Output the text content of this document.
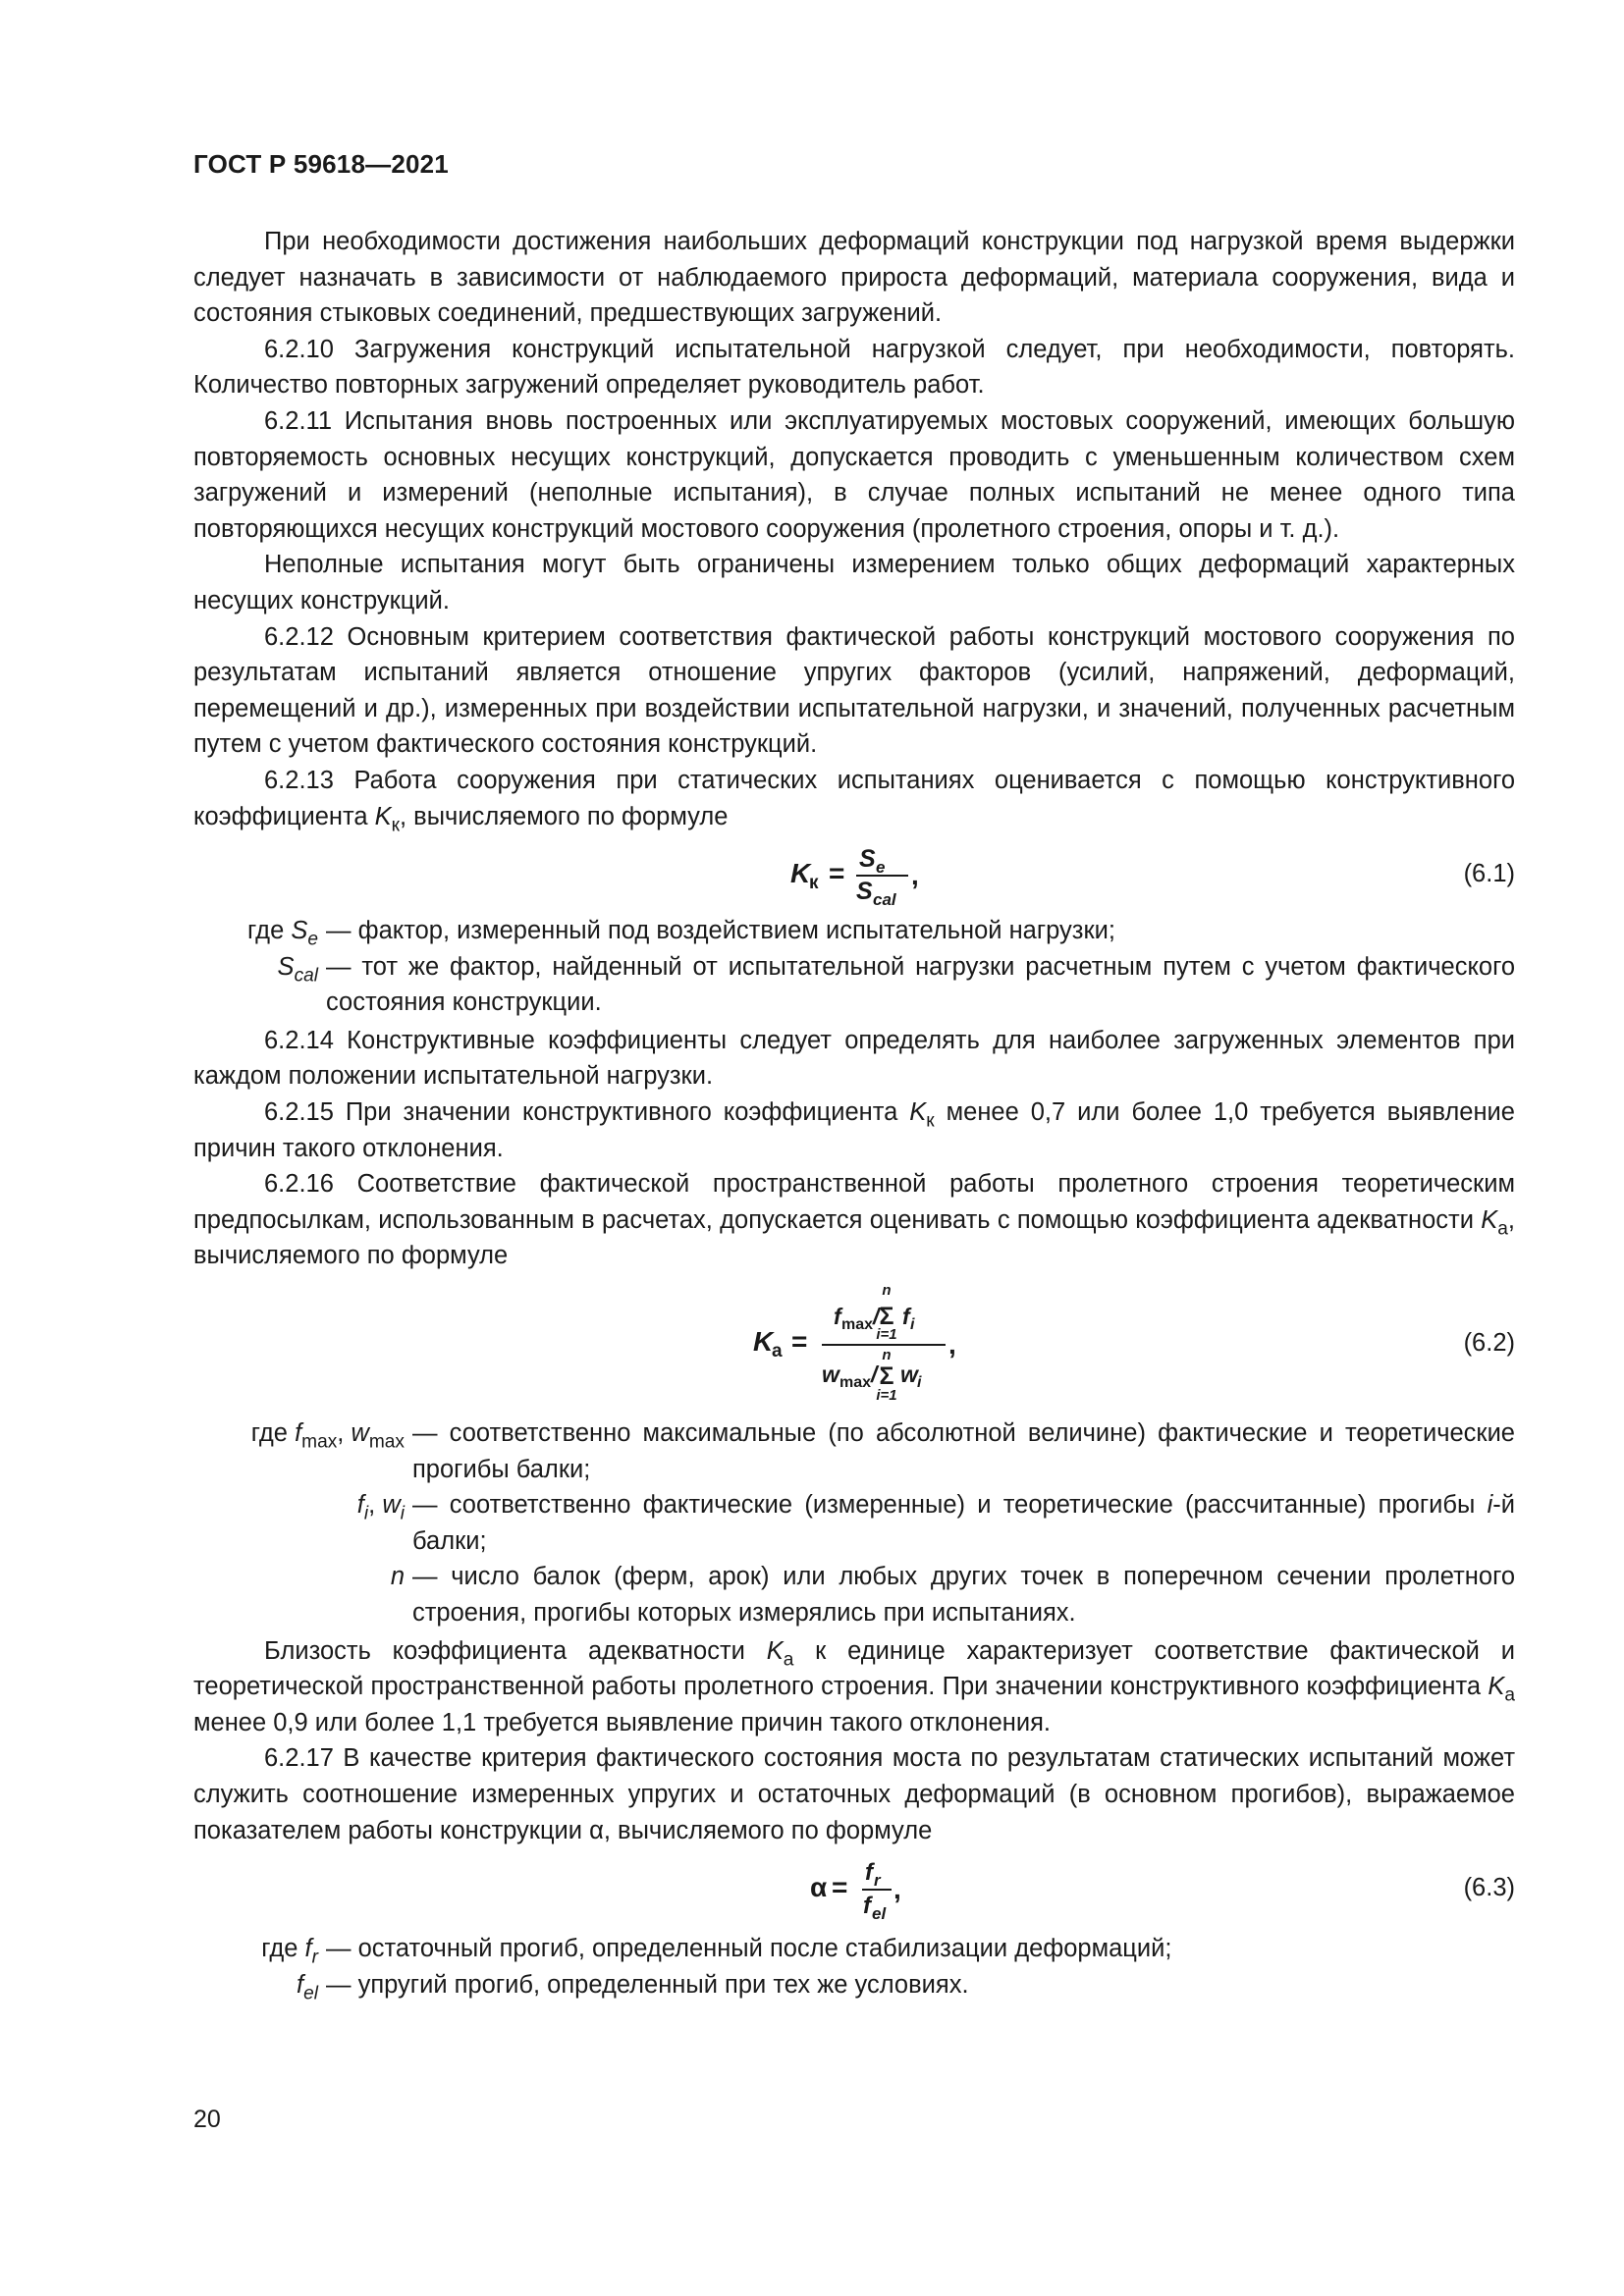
ГОСТ Р 59618—2021

При необходимости достижения наибольших деформаций конструкции под нагрузкой время выдержки следует назначать в зависимости от наблюдаемого прироста деформаций, материала сооружения, вида и состояния стыковых соединений, предшествующих загружений.

6.2.10 Загружения конструкций испытательной нагрузкой следует, при необходимости, повторять. Количество повторных загружений определяет руководитель работ.

6.2.11 Испытания вновь построенных или эксплуатируемых мостовых сооружений, имеющих большую повторяемость основных несущих конструкций, допускается проводить с уменьшенным количеством схем загружений и измерений (неполные испытания), в случае полных испытаний не менее одного типа повторяющихся несущих конструкций мостового сооружения (пролетного строения, опоры и т. д.).

Неполные испытания могут быть ограничены измерением только общих деформаций характерных несущих конструкций.

6.2.12 Основным критерием соответствия фактической работы конструкций мостового сооружения по результатам испытаний является отношение упругих факторов (усилий, напряжений, деформаций, перемещений и др.), измеренных при воздействии испытательной нагрузки, и значений, полученных расчетным путем с учетом фактического состояния конструкций.

6.2.13 Работа сооружения при статических испытаниях оценивается с помощью конструктивного коэффициента $K_к$, вычисляемого по формуле

K
к = S e
S cal
,	(6.1)
где $S_e$ — фактор, измеренный под воздействием испытательной нагрузки;
$S_{cal}$ — тот же фактор, найденный от испытательной нагрузки расчетным путем с учетом фактического состояния конструкции.

6.2.14 Конструктивные коэффициенты следует определять для наиболее загруженных элементов при каждом положении испытательной нагрузки.

6.2.15 При значении конструктивного коэффициента $K_к$ менее 0,7 или более 1,0 требуется выявление причин такого отклонения.

6.2.16 Соответствие фактической пространственной работы пролетного строения теоретическим предпосылкам, использованным в расчетах, допускается оценивать с помощью коэффициента адекватности $K_а$, вычисляемого по формуле

K
а =
f max /
n
Σ
i=1
f i
w max /
n
Σ
i=1
w i
,	(6.2)
где $f_{max}$, $w_{max}$ — соответственно максимальные (по абсолютной величине) фактические и теоретические прогибы балки;
$f_i$, $w_i$ — соответственно фактические (измеренные) и теоретические (рассчитанные) прогибы i-й балки;
n — число балок (ферм, арок) или любых других точек в поперечном сечении пролетного строения, прогибы которых измерялись при испытаниях.

Близость коэффициента адекватности $K_а$ к единице характеризует соответствие фактической и теоретической пространственной работы пролетного строения. При значении конструктивного коэффициента $K_а$ менее 0,9 или более 1,1 требуется выявление причин такого отклонения.

6.2.17 В качестве критерия фактического состояния моста по результатам статических испытаний может служить соотношение измеренных упругих и остаточных деформаций (в основном прогибов), выражаемое показателем работы конструкции α, вычисляемого по формуле

α = f r
f el
,	(6.3)
где $f_r$ — остаточный прогиб, определенный после стабилизации деформаций;
$f_{el}$ — упругий прогиб, определенный при тех же условиях.
20
